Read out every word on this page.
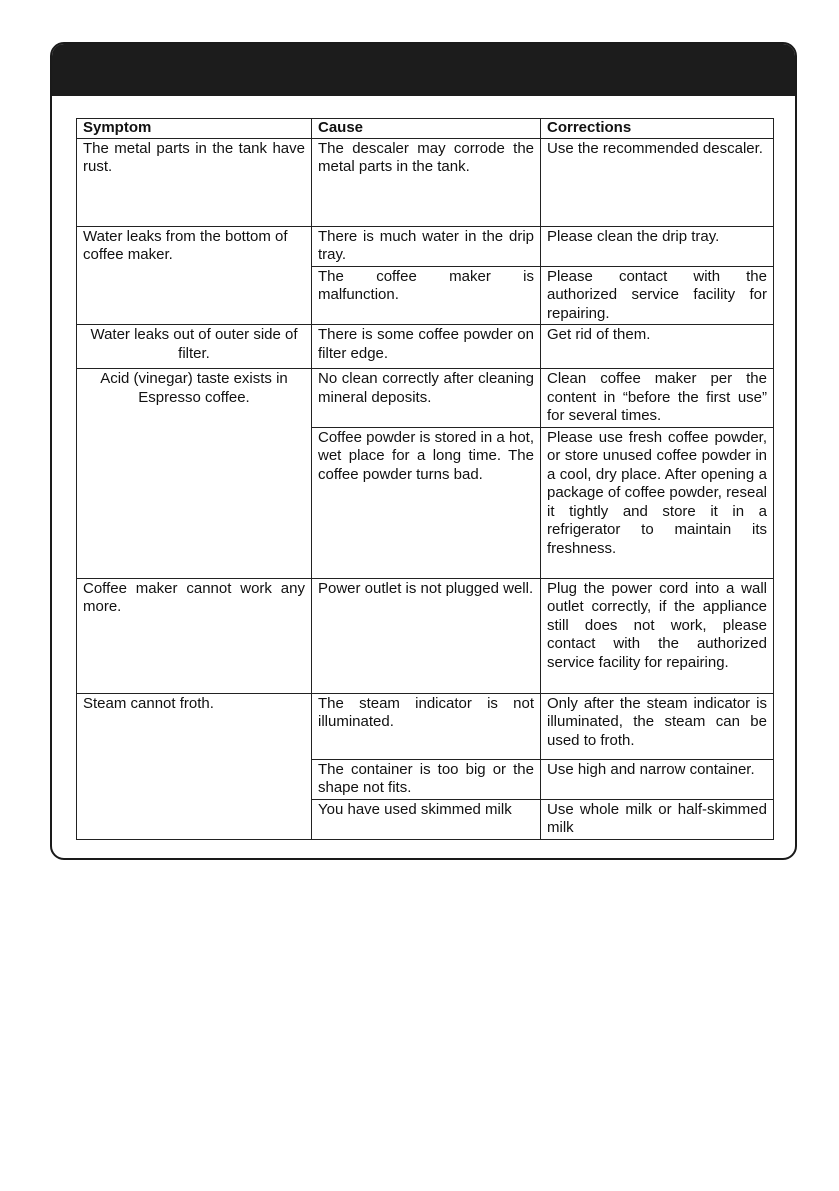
Symptom	Cause	Corrections
The metal parts in the tank have rust.	The descaler may corrode the metal parts in the tank.	Use the recommended descaler.
Water leaks from the bottom of coffee maker.	There is much water in the drip tray.	Please clean the drip tray.
	The coffee maker is malfunction.	Please contact with the authorized service facility for repairing.
Water leaks out of outer side of filter.	There is some coffee powder on filter edge.	Get rid of them.
Acid (vinegar) taste exists in Espresso coffee.	No clean correctly after cleaning mineral deposits.	Clean coffee maker per the content in “before the first use” for several times.
	Coffee powder is stored in a hot, wet place for a long time. The coffee powder turns bad.	Please use fresh coffee powder, or store unused coffee powder in a cool, dry place. After opening a package of coffee powder, reseal it tightly and store it in a refrigerator to maintain its freshness.
Coffee maker cannot work any more.	Power outlet is not plugged well.	Plug the power cord into a wall outlet correctly, if the appliance still does not work, please contact with the authorized service facility for repairing.
Steam cannot froth.	The steam indicator is not illuminated.	Only after the steam indicator is illuminated, the steam can be used to froth.
	The container is too big or the shape not fits.	Use high and narrow container.
	You have used skimmed milk	Use whole milk or half-skimmed milk
